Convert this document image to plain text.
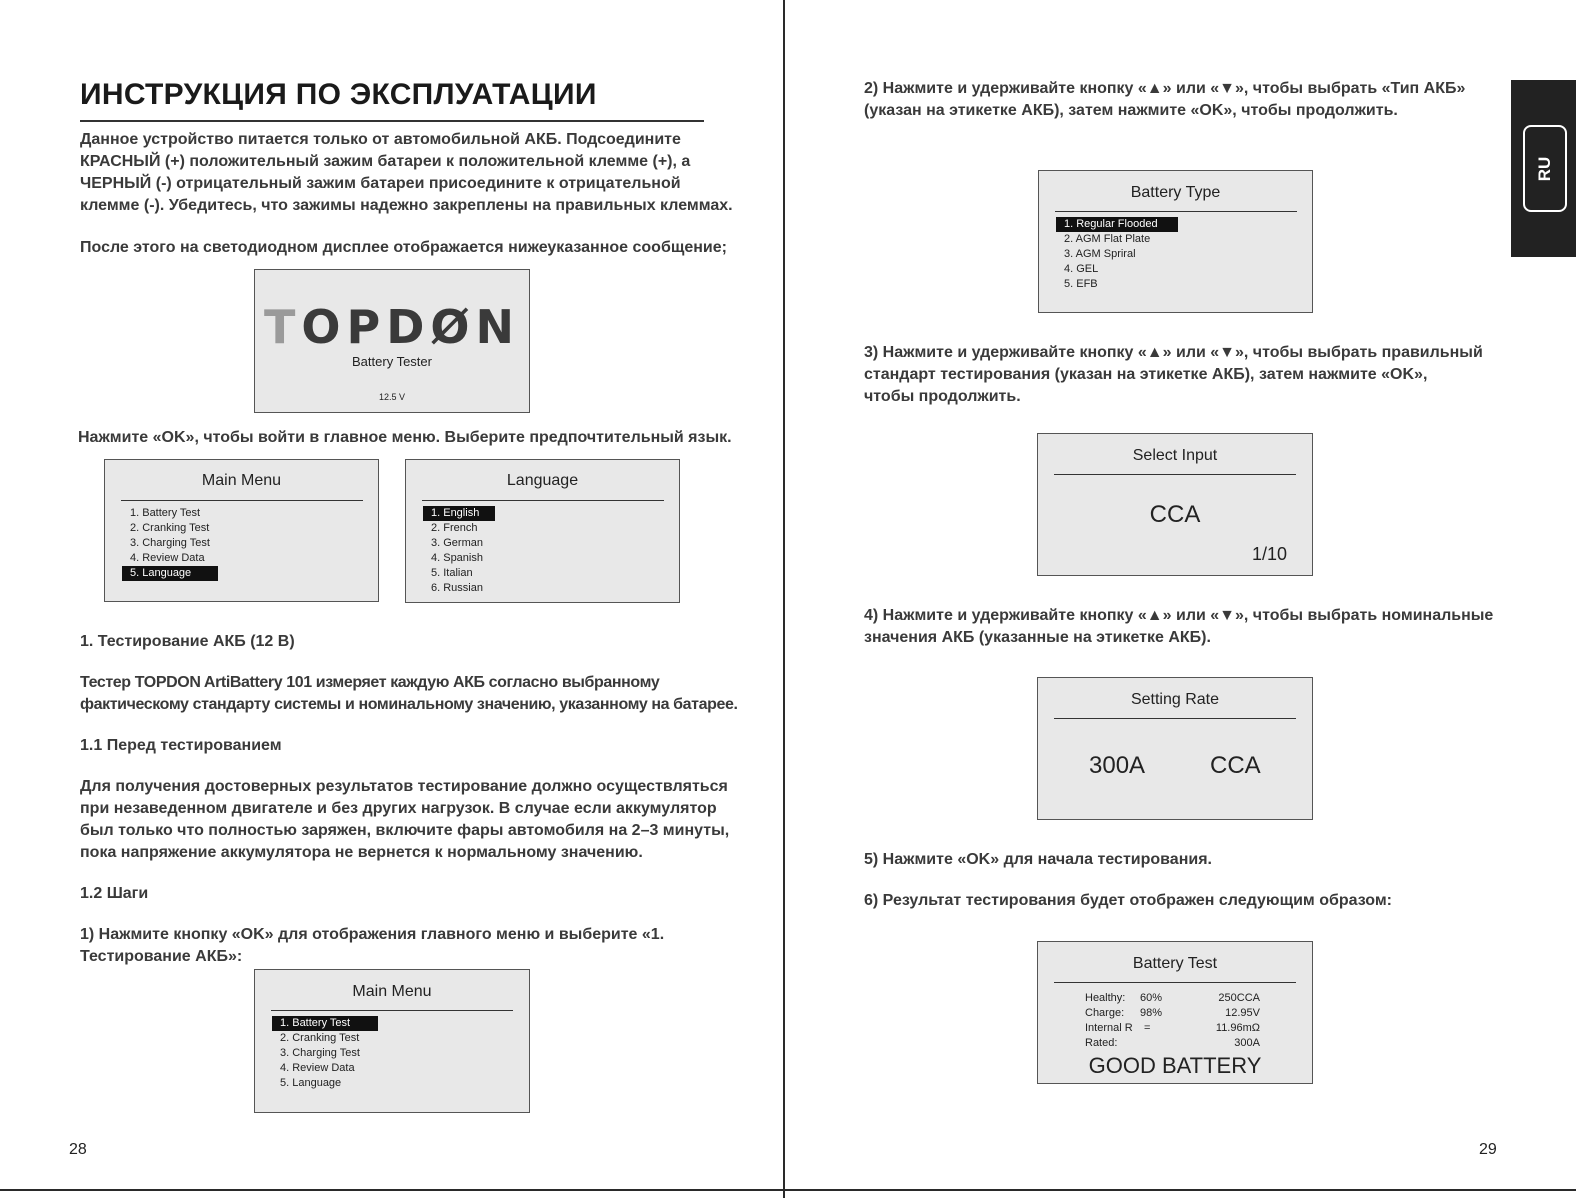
ИНСТРУКЦИЯ ПО ЭКСПЛУАТАЦИИ
Данное устройство питается только от автомобильной АКБ. Подсоедините
КРАСНЫЙ (+) положительный зажим батареи к положительной клемме (+), а
ЧЕРНЫЙ (-) отрицательный зажим батареи присоедините к отрицательной
клемме (-). Убедитесь, что зажимы надежно закреплены на правильных клеммах.
После этого на светодиодном дисплее отображается нижеуказанное сообщение;
TOPDØN
Battery Tester
12.5 V
Нажмите «OK», чтобы войти в главное меню. Выберите предпочтительный язык.
Main Menu
1. Battery Test
2. Cranking Test
3. Charging Test
4. Review Data
5. Language
Language
1. English
2. French
3. German
4. Spanish
5. Italian
6. Russian
1. Тестирование АКБ (12 В)
Тестер TOPDON ArtiBattery 101 измеряет каждую АКБ согласно выбранному
фактическому стандарту системы и номинальному значению, указанному на батарее.
1.1 Перед тестированием
Для получения достоверных результатов тестирование должно осуществляться
при незаведенном двигателе и без других нагрузок. В случае если аккумулятор
был только что полностью заряжен, включите фары автомобиля на 2–3 минуты,
пока напряжение аккумулятора не вернется к нормальному значению.
1.2 Шаги
1) Нажмите кнопку «OK» для отображения главного меню и выберите «1.
Тестирование АКБ»:
Main Menu
1. Battery Test
2. Cranking Test
3. Charging Test
4. Review Data
5. Language
28
2) Нажмите и удерживайте кнопку «▲» или «▼», чтобы выбрать «Тип АКБ»
(указан на этикетке АКБ), затем нажмите «OK», чтобы продолжить.
Battery Type
1. Regular Flooded
2. AGM Flat Plate
3. AGM Spriral
4. GEL
5. EFB
3) Нажмите и удерживайте кнопку «▲» или «▼», чтобы выбрать правильный
стандарт тестирования (указан на этикетке АКБ), затем нажмите «OK»,
чтобы продолжить.
Select Input
CCA
1/10
4) Нажмите и удерживайте кнопку «▲» или «▼», чтобы выбрать номинальные
значения АКБ (указанные на этикетке АКБ).
Setting Rate
300A	CCA
5) Нажмите «OK» для начала тестирования.
6) Результат тестирования будет отображен следующим образом:
Battery Test
Healthy:
Charge:
Internal R
Rated:
60%
98%
=
250CCA
12.95V
11.96mΩ
300A
GOOD BATTERY
29
RU
